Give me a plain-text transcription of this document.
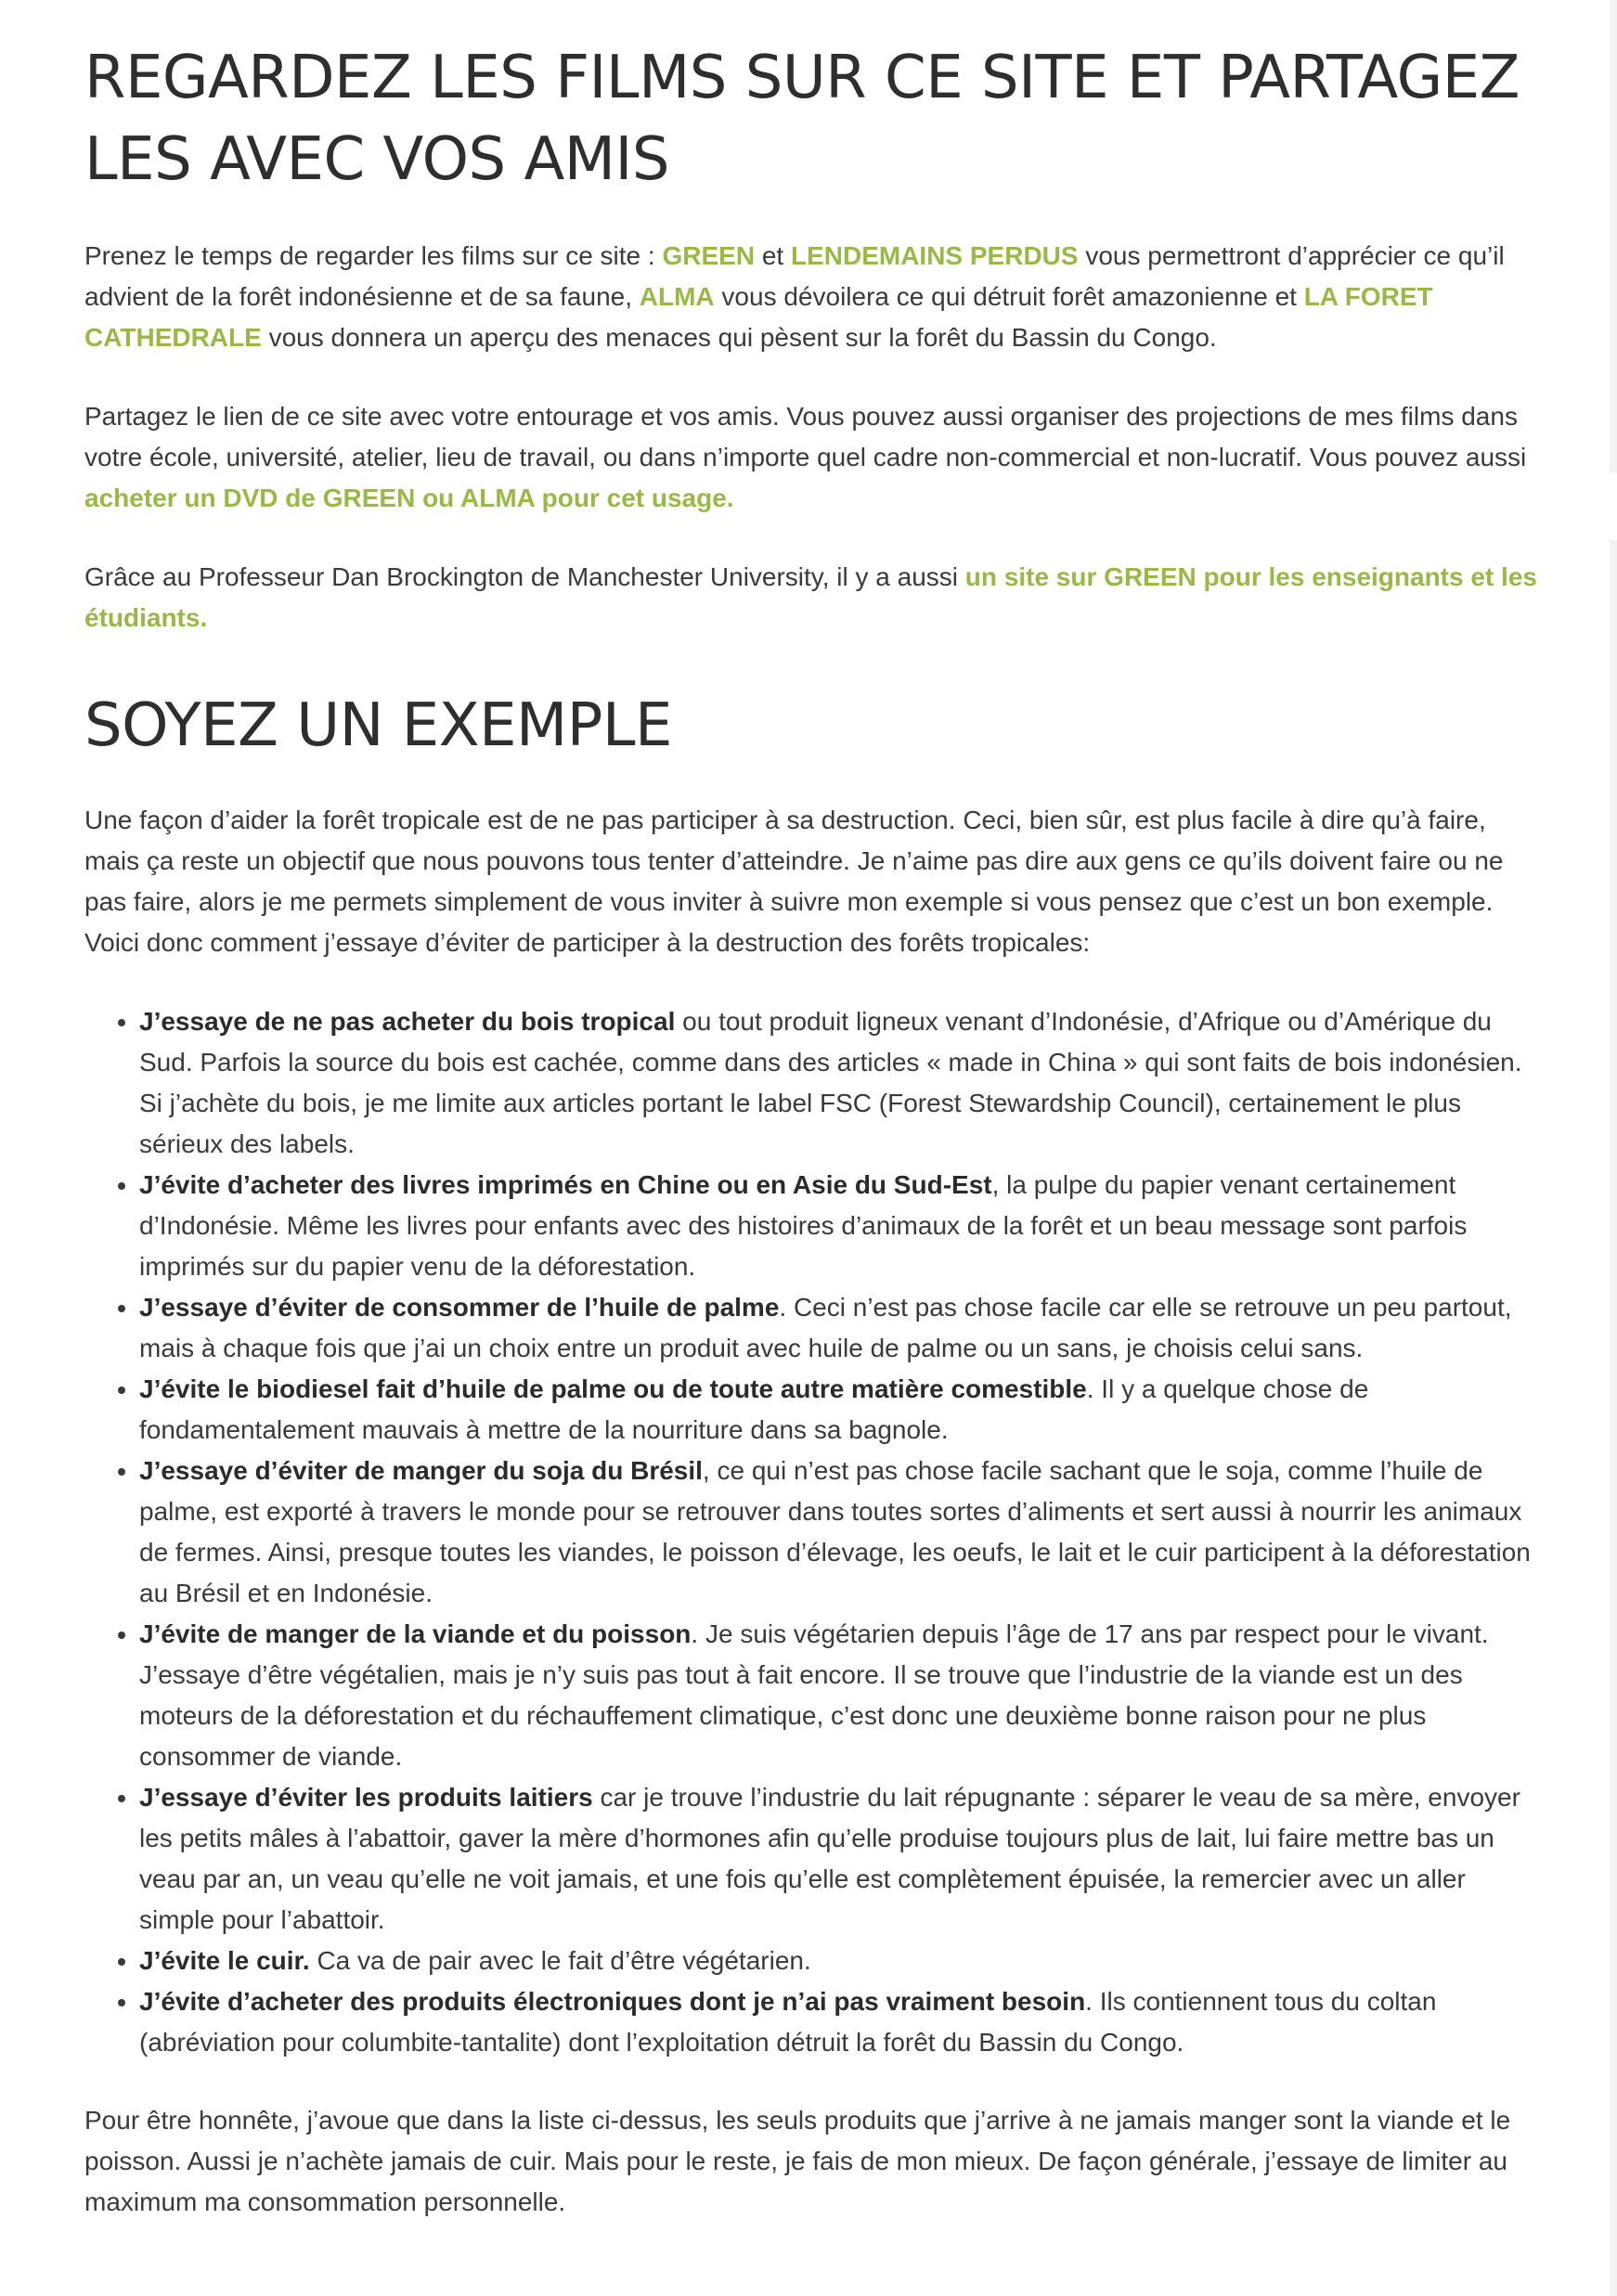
REGARDEZ LES FILMS SUR CE SITE ET PARTAGEZ LES AVEC VOS AMIS

Prenez le temps de regarder les films sur ce site : GREEN et LENDEMAINS PERDUS vous permettront d’apprécier ce qu’il advient de la forêt indonésienne et de sa faune, ALMA vous dévoilera ce qui détruit forêt amazonienne et LA FORET CATHEDRALE vous donnera un aperçu des menaces qui pèsent sur la forêt du Bassin du Congo.

Partagez le lien de ce site avec votre entourage et vos amis. Vous pouvez aussi organiser des projections de mes films dans votre école, université, atelier, lieu de travail, ou dans n’importe quel cadre non-commercial et non-lucratif. Vous pouvez aussi acheter un DVD de GREEN ou ALMA pour cet usage.

Grâce au Professeur Dan Brockington de Manchester University, il y a aussi un site sur GREEN pour les enseignants et les étudiants.

SOYEZ UN EXEMPLE

Une façon d’aider la forêt tropicale est de ne pas participer à sa destruction. Ceci, bien sûr, est plus facile à dire qu’à faire, mais ça reste un objectif que nous pouvons tous tenter d’atteindre. Je n’aime pas dire aux gens ce qu’ils doivent faire ou ne pas faire, alors je me permets simplement de vous inviter à suivre mon exemple si vous pensez que c’est un bon exemple. Voici donc comment j’essaye d’éviter de participer à la destruction des forêts tropicales:

• J’essaye de ne pas acheter du bois tropical ou tout produit ligneux venant d’Indonésie, d’Afrique ou d’Amérique du Sud. Parfois la source du bois est cachée, comme dans des articles « made in China » qui sont faits de bois indonésien. Si j’achète du bois, je me limite aux articles portant le label FSC (Forest Stewardship Council), certainement le plus sérieux des labels.
• J’évite d’acheter des livres imprimés en Chine ou en Asie du Sud-Est, la pulpe du papier venant certainement d’Indonésie. Même les livres pour enfants avec des histoires d’animaux de la forêt et un beau message sont parfois imprimés sur du papier venu de la déforestation.
• J’essaye d’éviter de consommer de l’huile de palme. Ceci n’est pas chose facile car elle se retrouve un peu partout, mais à chaque fois que j’ai un choix entre un produit avec huile de palme ou un sans, je choisis celui sans.
• J’évite le biodiesel fait d’huile de palme ou de toute autre matière comestible. Il y a quelque chose de fondamentalement mauvais à mettre de la nourriture dans sa bagnole.
• J’essaye d’éviter de manger du soja du Brésil, ce qui n’est pas chose facile sachant que le soja, comme l’huile de palme, est exporté à travers le monde pour se retrouver dans toutes sortes d’aliments et sert aussi à nourrir les animaux de fermes. Ainsi, presque toutes les viandes, le poisson d’élevage, les oeufs, le lait et le cuir participent à la déforestation au Brésil et en Indonésie.
• J’évite de manger de la viande et du poisson. Je suis végétarien depuis l’âge de 17 ans par respect pour le vivant. J’essaye d’être végétalien, mais je n’y suis pas tout à fait encore. Il se trouve que l’industrie de la viande est un des moteurs de la déforestation et du réchauffement climatique, c’est donc une deuxième bonne raison pour ne plus consommer de viande.
• J’essaye d’éviter les produits laitiers car je trouve l’industrie du lait répugnante : séparer le veau de sa mère, envoyer les petits mâles à l’abattoir, gaver la mère d’hormones afin qu’elle produise toujours plus de lait, lui faire mettre bas un veau par an, un veau qu’elle ne voit jamais, et une fois qu’elle est complètement épuisée, la remercier avec un aller simple pour l’abattoir.
• J’évite le cuir. Ca va de pair avec le fait d’être végétarien.
• J’évite d’acheter des produits électroniques dont je n’ai pas vraiment besoin. Ils contiennent tous du coltan (abréviation pour columbite-tantalite) dont l’exploitation détruit la forêt du Bassin du Congo.

Pour être honnête, j’avoue que dans la liste ci-dessus, les seuls produits que j’arrive à ne jamais manger sont la viande et le poisson. Aussi je n’achète jamais de cuir. Mais pour le reste, je fais de mon mieux. De façon générale, j’essaye de limiter au maximum ma consommation personnelle.
